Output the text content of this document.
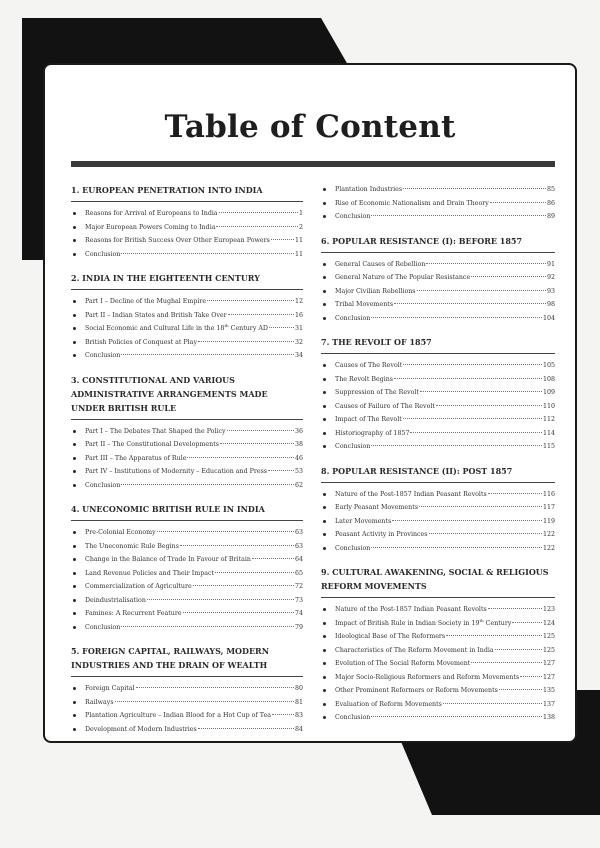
Table of Content
1. EUROPEAN PENETRATION INTO INDIA
Reasons for Arrival of Europeans to India	1
Major European Powers Coming to India	2
Reasons for British Success Over Other European Powers	11
Conclusion	11
2. INDIA IN THE EIGHTEENTH CENTURY
Part I – Decline of the Mughal Empire	12
Part II – Indian States and British Take Over	16
Social Economic and Cultural Life in the 18th Century AD	31
British Policies of Conquest at Play	32
Conclusion	34
3. CONSTITUTIONAL AND VARIOUS ADMINISTRATIVE ARRANGEMENTS MADE UNDER BRITISH RULE
Part I – The Debates That Shaped the Policy	36
Part II – The Constitutional Developments	38
Part III – The Apparatus of Rule	46
Part IV – Institutions of Modernity – Education and Press	53
Conclusion	62
4. UNECONOMIC BRITISH RULE IN INDIA
Pre-Colonial Economy	63
The Uneconomic Rule Begins	63
Change in the Balance of Trade In Favour of Britain	64
Land Revenue Policies and Their Impact	65
Commercialization of Agriculture	72
Deindustrialisation	73
Famines: A Recurrent Feature	74
Conclusion	79
5. FOREIGN CAPITAL, RAILWAYS, MODERN INDUSTRIES AND THE DRAIN OF WEALTH
Foreign Capital	80
Railways	81
Plantation Agriculture – Indian Blood for a Hot Cup of Tea	83
Development of Modern Industries	84
Plantation Industries	85
Rise of Economic Nationalism and Drain Theory	86
Conclusion	89
6. POPULAR RESISTANCE (I): BEFORE 1857
General Causes of Rebellion	91
General Nature of The Popular Resistance	92
Major Civilian Rebellions	93
Tribal Movements	98
Conclusion	104
7. THE REVOLT OF 1857
Causes of The Revolt	105
The Revolt Begins	108
Suppression of The Revolt	109
Causes of Failure of The Revolt	110
Impact of The Revolt	112
Historiography of 1857	114
Conclusion	115
8. POPULAR RESISTANCE (II): POST 1857
Nature of the Post-1857 Indian Peasant Revolts	116
Early Peasant Movements	117
Later Movements	119
Peasant Activity in Provinces	122
Conclusion	122
9. CULTURAL AWAKENING, SOCIAL & RELIGIOUS REFORM MOVEMENTS
Nature of the Post-1857 Indian Peasant Revolts	123
Impact of British Rule in Indian Society in 19th Century	124
Ideological Base of The Reformers	125
Characteristics of The Reform Movement in India	125
Evolution of The Social Reform Movement	127
Major Socio-Religious Reformers and Reform Movements	127
Other Prominent Reformers or Reform Movements	135
Evaluation of Reform Movements	137
Conclusion	138
